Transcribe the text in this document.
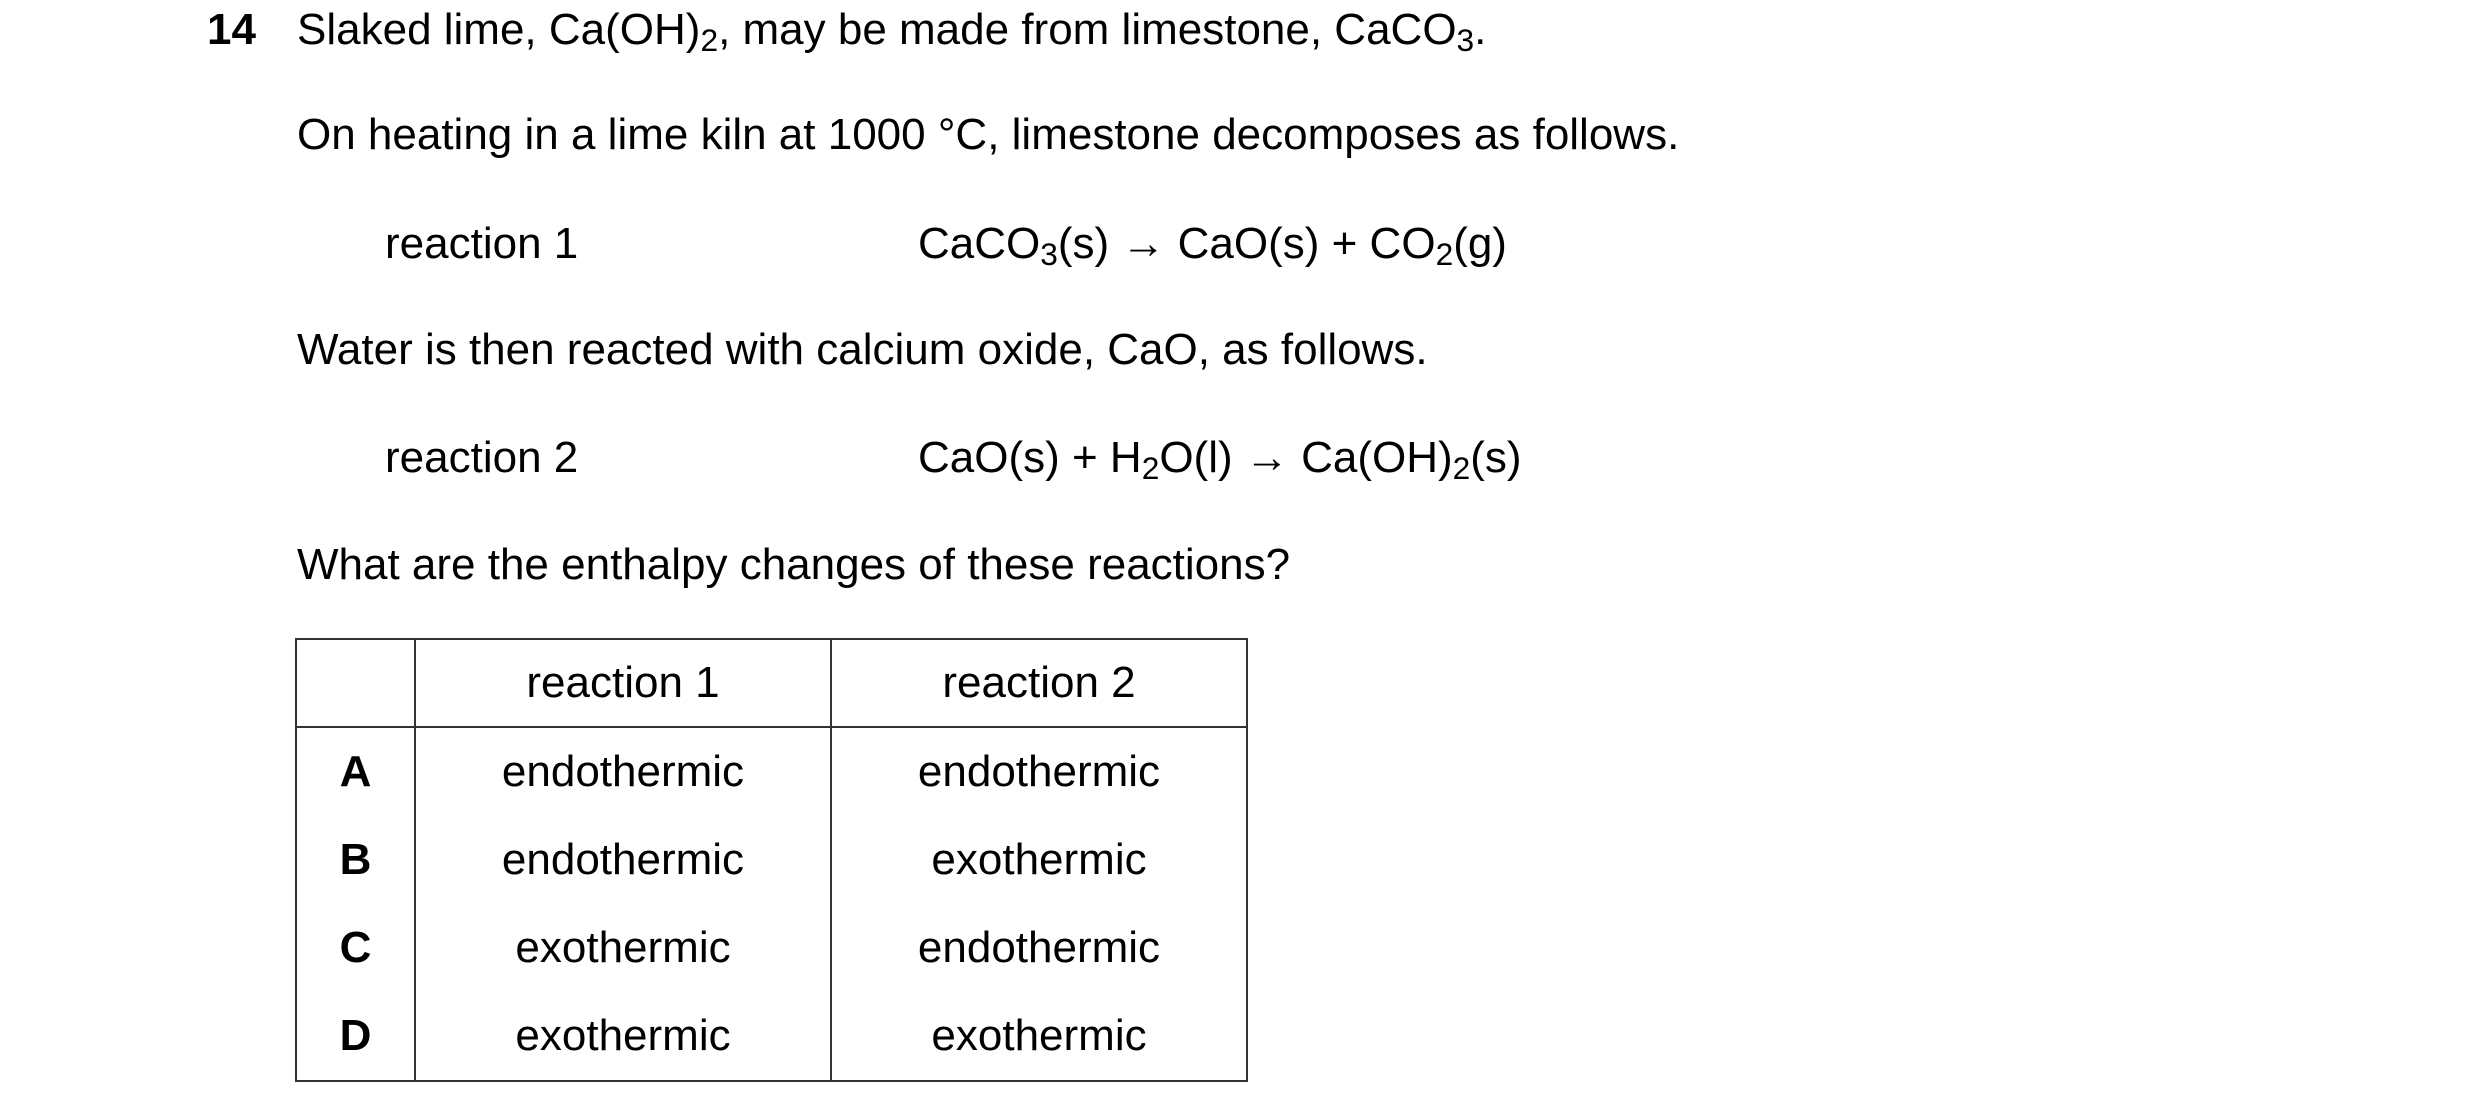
14 Slaked lime, $Ca(OH)_2$, may be made from limestone, CaCO$_3$.
On heating in a lime kiln at 1000 °C, limestone decomposes as follows.
reaction 1	CaCO$_3$(s) → $CaO(s) + CO_2(g)$
Water is then reacted with calcium oxide, CaO, as follows.
reaction 2	$CaO(s) + H_2O(l) \to Ca(OH)_2(s)$
What are the enthalpy changes of these reactions?
	reaction 1	reaction 2
A	endothermic	endothermic
B	endothermic	exothermic
C	exothermic	endothermic
D	exothermic	exothermic
